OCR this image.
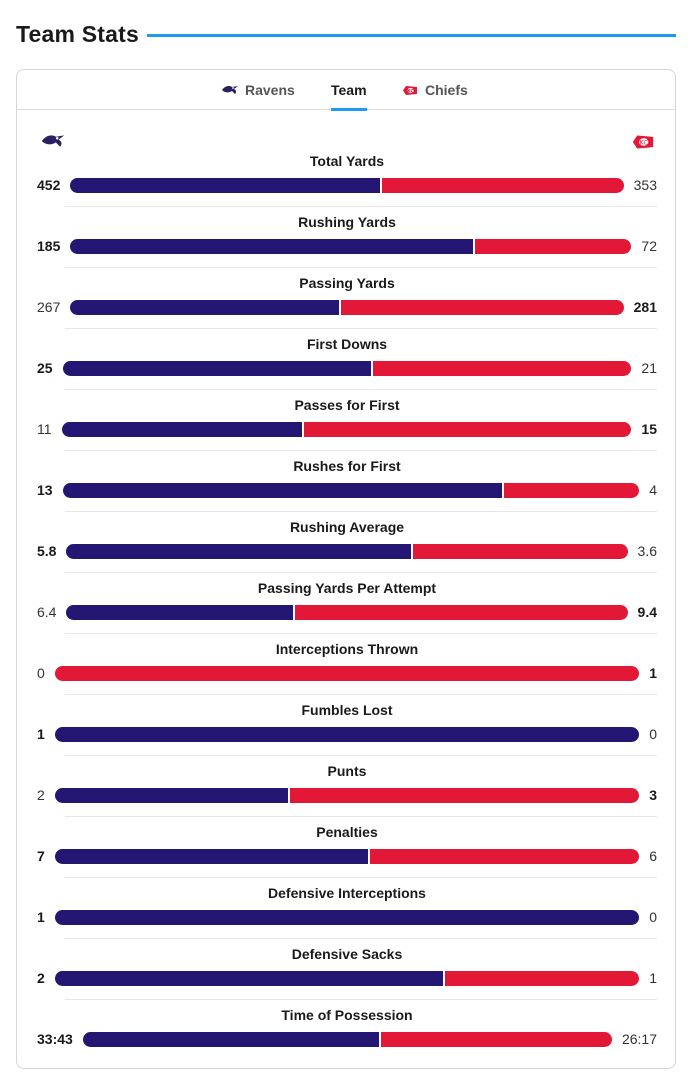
Team Stats
Ravens	Team	KC Chiefs
KC
Total Yards
452	353
Rushing Yards
185	72
Passing Yards
267	281
First Downs
25	21
Passes for First
11	15
Rushes for First
13	4
Rushing Average
5.8	3.6
Passing Yards Per Attempt
6.4	9.4
Interceptions Thrown
0	1
Fumbles Lost
1	0
Punts
2	3
Penalties
7	6
Defensive Interceptions
1	0
Defensive Sacks
2	1
Time of Possession
33:43	26:17
